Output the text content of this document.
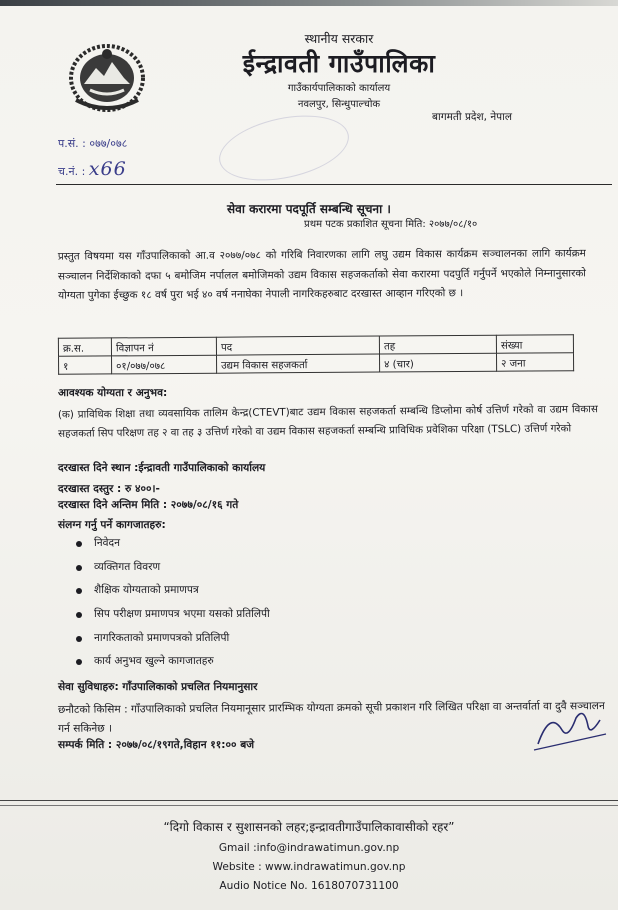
स्थानीय सरकार
ईन्द्रावती गाउँपालिका
गाउँकार्यपालिकाको कार्यालय
नवलपुर, सिन्धुपाल्चोक
बागमती प्रदेश, नेपाल
प.सं. : ०७७/०७८
च.नं. : x66
सेवा करारमा पदपूर्ति सम्बन्धि सूचना ।
प्रथम पटक प्रकाशित सूचना मिति: २०७७/०८/१०
प्रस्तुत विषयमा यस गाँउपालिकाको आ.व २०७७/०७८ को गरिबि निवारणका लागि लघु उद्यम विकास कार्यक्रम सञ्चालनका लागि कार्यक्रम सञ्चालन निर्देशिकाको दफा ५ बमोजिम नर्पालल बमोजिमको उद्यम विकास सहजकर्ताको सेवा करारमा पदपुर्ति गर्नुपर्ने भएकोले निम्नानुसारको योग्यता पुगेका ईच्छुक १८ वर्ष पुरा भई ४० वर्ष ननाघेका नेपाली नागरिकहरुबाट दरखास्त आव्हान गरिएको छ ।
क्र.स.	विज्ञापन नं	पद	तह	संख्या
१	०१/०७७/०७८	उद्यम विकास सहजकर्ता	४ (चार)	२ जना
आवश्यक योग्यता र अनुभव:
(क) प्राविधिक शिक्षा तथा व्यवसायिक तालिम केन्द्र(CTEVT)बाट उद्यम विकास सहजकर्ता सम्बन्धि डिप्लोमा कोर्ष उत्तिर्ण गरेको वा उद्यम विकास सहजकर्ता सिप परिक्षण तह २ वा तह ३ उत्तिर्ण गरेको वा उद्यम विकास सहजकर्ता सम्बन्धि प्राविधिक प्रवेशिका परिक्षा (TSLC) उत्तिर्ण गरेको
दरखास्त दिने स्थान :ईन्द्रावती गाउँपालिकाको कार्यालय
दरखास्त दस्तुर : रु ४००।-
दरखास्त दिने अन्तिम मिति : २०७७/०८/१६ गते
संलग्न गर्नु पर्ने कागजातहरु:
निवेदन
व्यक्तिगत विवरण
शैक्षिक योग्यताको प्रमाणपत्र
सिप परीक्षण प्रमाणपत्र भएमा यसको प्रतिलिपी
नागरिकताको प्रमाणपत्रको प्रतिलिपी
कार्य अनुभव खुल्ने कागजातहरु
सेवा सुविधाहरु: गाँउपालिकाको प्रचलित नियमानुसार
छनौटको किसिम : गाँउपालिकाको प्रचलित नियमानूसार प्रारम्भिक योग्यता क्रमको सूची प्रकाशन गरि लिखित परिक्षा वा अन्तर्वार्ता वा दुवै सञ्चालन गर्न सकिनेछ ।
सम्पर्क मिति : २०७७/०८/१९गते,विहान ११:०० बजे
“दिगो विकास र सुशासनको लहर;इन्द्रावतीगाउँपालिकावासीको रहर”
Gmail :info@indrawatimun.gov.np
Website : www.indrawatimun.gov.np
Audio Notice No. 1618070731100
